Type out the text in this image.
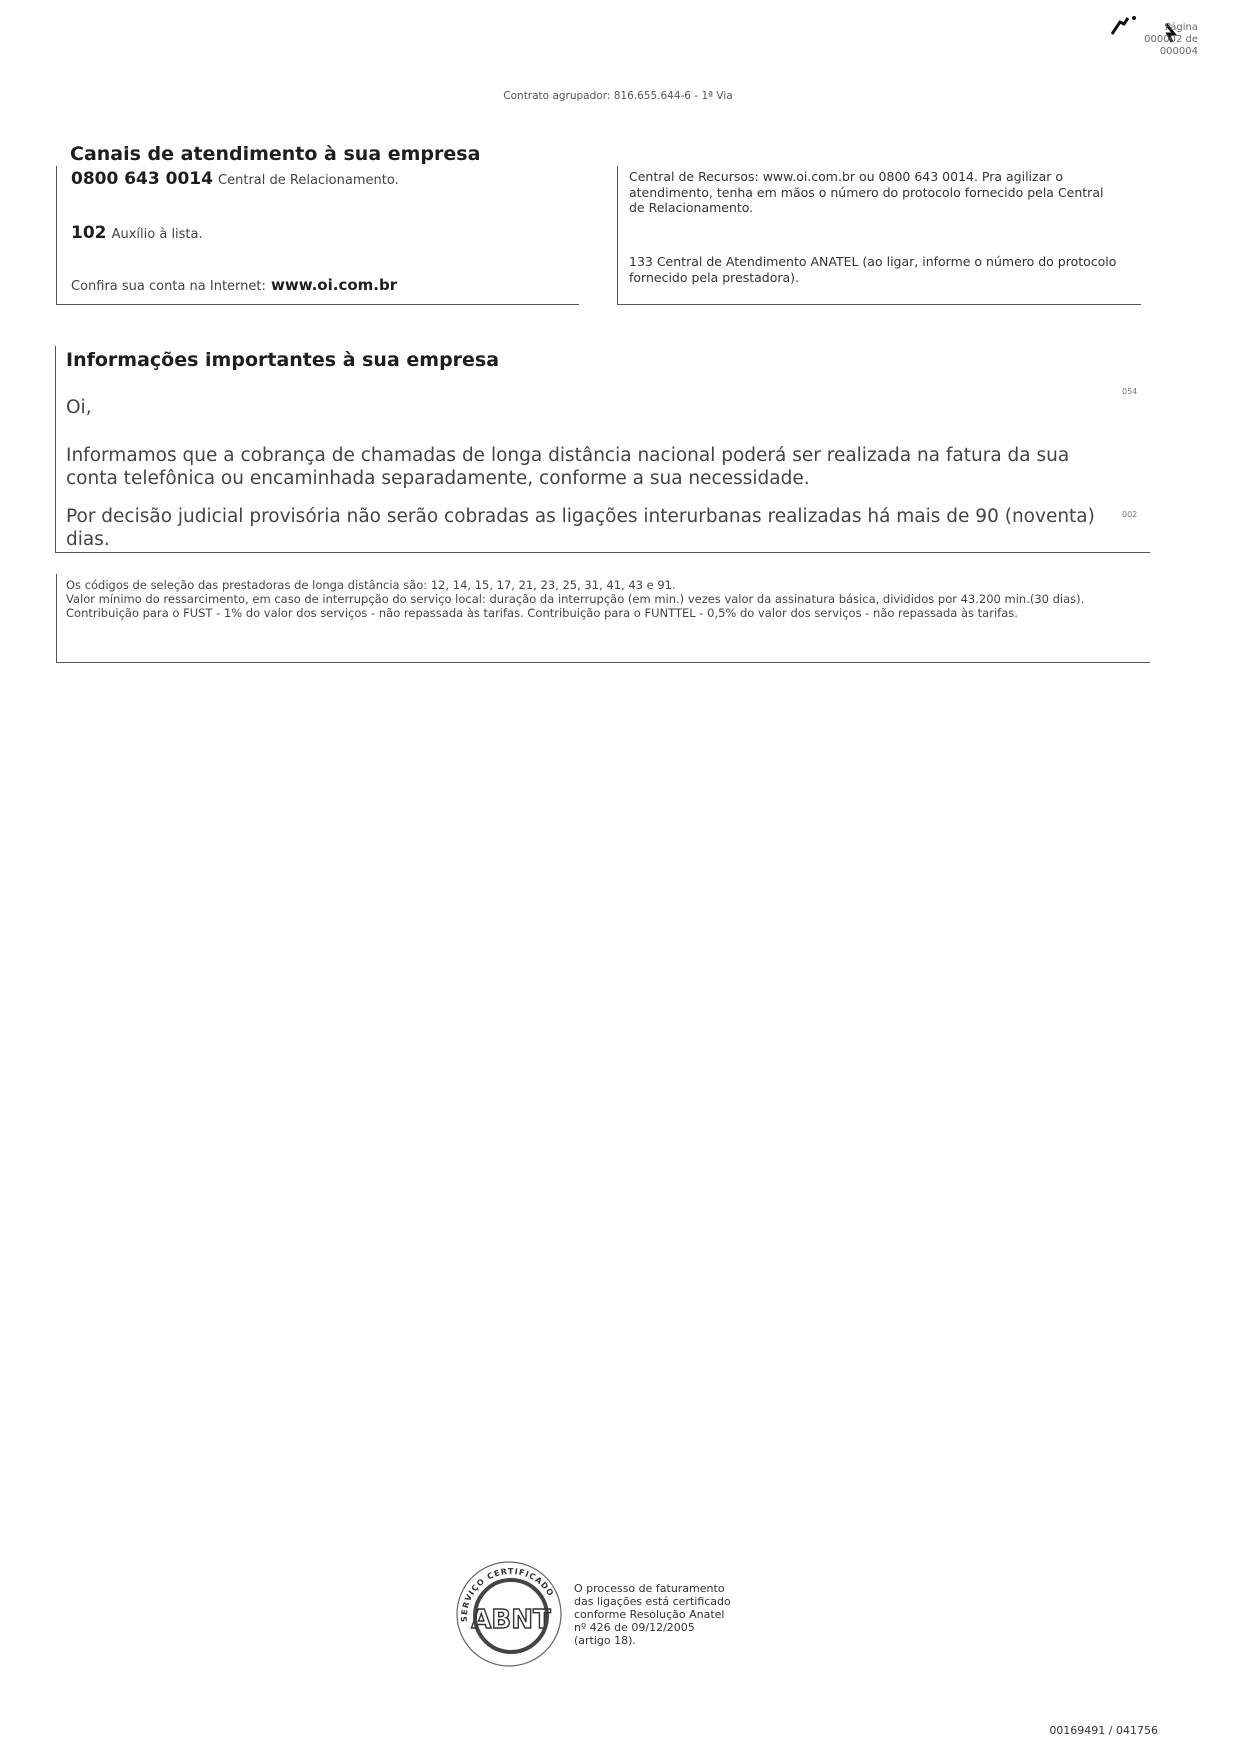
Página
000002 de
000004
Contrato agrupador: 816.655.644-6 - 1ª Via
Canais de atendimento à sua empresa
0800 643 0014 Central de Relacionamento.
102 Auxílio à lista.
Confira sua conta na Internet: www.oi.com.br
Central de Recursos: www.oi.com.br ou 0800 643 0014. Pra agilizar o atendimento, tenha em mãos o número do protocolo fornecido pela Central de Relacionamento.
133 Central de Atendimento ANATEL (ao ligar, informe o número do protocolo fornecido pela prestadora).
Informações importantes à sua empresa

Oi,

Informamos que a cobrança de chamadas de longa distância nacional poderá ser realizada na fatura da sua conta telefônica ou encaminhada separadamente, conforme a sua necessidade.

Por decisão judicial provisória não serão cobradas as ligações interurbanas realizadas há mais de 90 (noventa) dias.

054
002

Os códigos de seleção das prestadoras de longa distância são: 12, 14, 15, 17, 21, 23, 25, 31, 41, 43 e 91.

Valor mínimo do ressarcimento, em caso de interrupção do serviço local: duração da interrupção (em min.) vezes valor da assinatura básica, divididos por 43.200 min.(30 dias).

Contribuição para o FUST - 1% do valor dos serviços - não repassada às tarifas. Contribuição para o FUNTTEL - 0,5% do valor dos serviços - não repassada às tarifas.

SERVIÇO CERTIFICADO
ABNT
O processo de faturamento
das ligações está certificado
conforme Resolução Anatel
nº 426 de 09/12/2005
(artigo 18).
00169491 / 041756
